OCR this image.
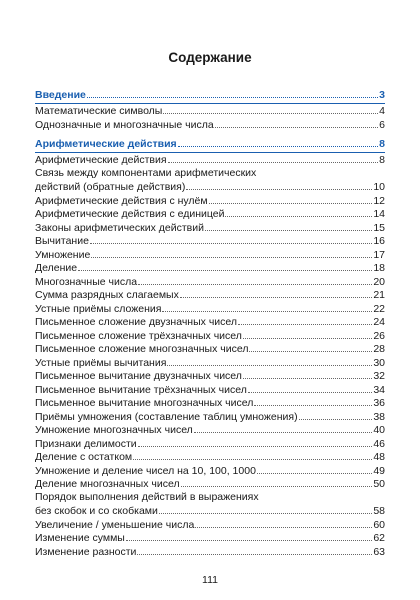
Содержание
Введение	3
Математические символы	4
Однозначные и многозначные числа	6
Арифметические действия	8
Арифметические действия	8
Связь между компонентами арифметических
действий (обратные действия)	10
Арифметические действия с нулём	12
Арифметические действия с единицей	14
Законы арифметических действий	15
Вычитание	16
Умножение	17
Деление	18
Многозначные числа	20
Сумма разрядных слагаемых	21
Устные приёмы сложения	22
Письменное сложение двузначных чисел	24
Письменное сложение трёхзначных чисел	26
Письменное сложение многозначных чисел	28
Устные приёмы вычитания	30
Письменное вычитание двузначных чисел	32
Письменное вычитание трёхзначных чисел	34
Письменное вычитание многозначных чисел	36
Приёмы умножения (составление таблиц умножения)	38
Умножение многозначных чисел	40
Признаки делимости	46
Деление с остатком	48
Умножение и деление чисел на 10, 100, 1000	49
Деление многозначных чисел	50
Порядок выполнения действий в выражениях
без скобок и со скобками	58
Увеличение / уменьшение числа	60
Изменение суммы	62
Изменение разности	63
111
